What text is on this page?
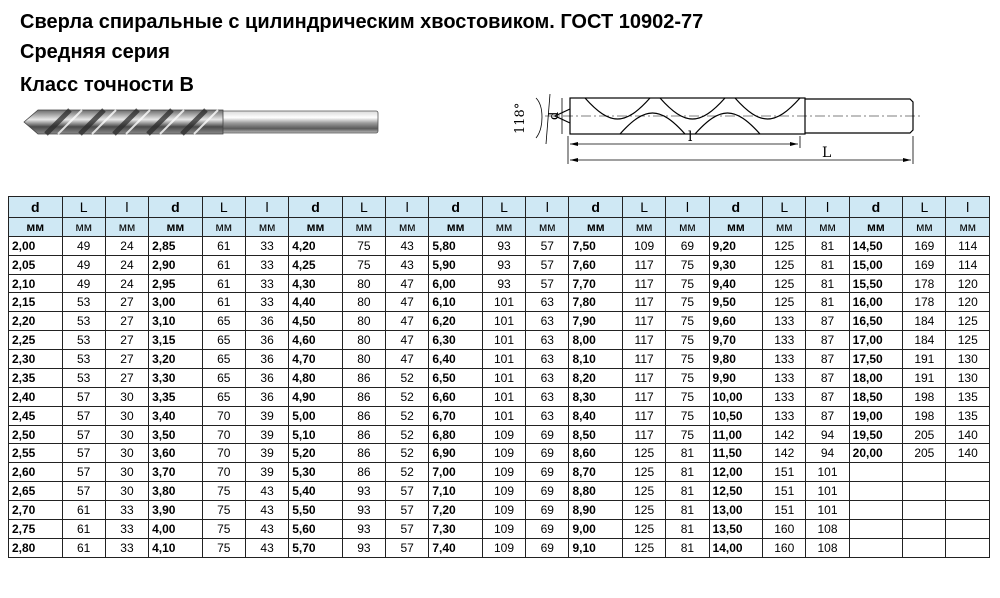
Сверла спиральные с цилиндрическим хвостовиком. ГОСТ 10902-77
Средняя серия
Класс точности В
118° d
l
L
d	L	l	d	L	l	d	L	l	d	L	l	d	L	l	d	L	l	d	L	l
мм	мм	мм	мм	мм	мм	мм	мм	мм	мм	мм	мм	мм	мм	мм	мм	мм	мм	мм	мм	мм
2,00	49	24	2,85	61	33	4,20	75	43	5,80	93	57	7,50	109	69	9,20	125	81	14,50	169	114
2,05	49	24	2,90	61	33	4,25	75	43	5,90	93	57	7,60	117	75	9,30	125	81	15,00	169	114
2,10	49	24	2,95	61	33	4,30	80	47	6,00	93	57	7,70	117	75	9,40	125	81	15,50	178	120
2,15	53	27	3,00	61	33	4,40	80	47	6,10	101	63	7,80	117	75	9,50	125	81	16,00	178	120
2,20	53	27	3,10	65	36	4,50	80	47	6,20	101	63	7,90	117	75	9,60	133	87	16,50	184	125
2,25	53	27	3,15	65	36	4,60	80	47	6,30	101	63	8,00	117	75	9,70	133	87	17,00	184	125
2,30	53	27	3,20	65	36	4,70	80	47	6,40	101	63	8,10	117	75	9,80	133	87	17,50	191	130
2,35	53	27	3,30	65	36	4,80	86	52	6,50	101	63	8,20	117	75	9,90	133	87	18,00	191	130
2,40	57	30	3,35	65	36	4,90	86	52	6,60	101	63	8,30	117	75	10,00	133	87	18,50	198	135
2,45	57	30	3,40	70	39	5,00	86	52	6,70	101	63	8,40	117	75	10,50	133	87	19,00	198	135
2,50	57	30	3,50	70	39	5,10	86	52	6,80	109	69	8,50	117	75	11,00	142	94	19,50	205	140
2,55	57	30	3,60	70	39	5,20	86	52	6,90	109	69	8,60	125	81	11,50	142	94	20,00	205	140
2,60	57	30	3,70	70	39	5,30	86	52	7,00	109	69	8,70	125	81	12,00	151	101			
2,65	57	30	3,80	75	43	5,40	93	57	7,10	109	69	8,80	125	81	12,50	151	101			
2,70	61	33	3,90	75	43	5,50	93	57	7,20	109	69	8,90	125	81	13,00	151	101			
2,75	61	33	4,00	75	43	5,60	93	57	7,30	109	69	9,00	125	81	13,50	160	108			
2,80	61	33	4,10	75	43	5,70	93	57	7,40	109	69	9,10	125	81	14,00	160	108			
